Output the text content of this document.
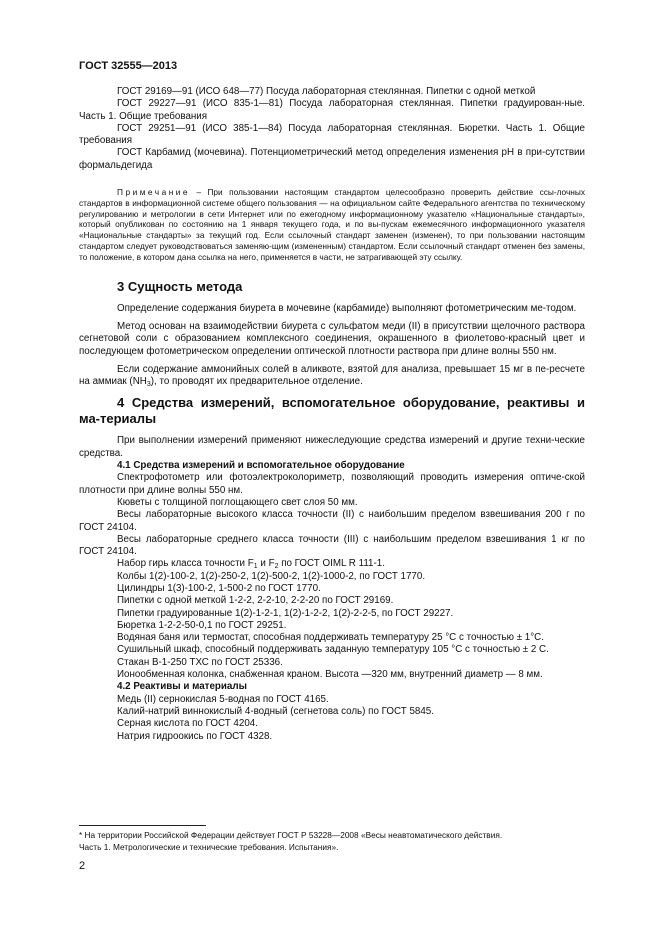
ГОСТ 32555—2013

ГОСТ 29169—91 (ИСО 648—77) Посуда лабораторная стеклянная. Пипетки с одной меткой

ГОСТ 29227—91 (ИСО 835-1—81) Посуда лабораторная стеклянная. Пипетки градуирован-ные. Часть 1. Общие требования

ГОСТ 29251—91 (ИСО 385-1—84) Посуда лабораторная стеклянная. Бюретки. Часть 1. Общие требования

ГОСТ Карбамид (мочевина). Потенциометрический метод определения изменения pH в при-сутствии формальдегида

Примечание – При пользовании настоящим стандартом целесообразно проверить действие ссы-лочных стандартов в информационной системе общего пользования — на официальном сайте Федерального агентства по техническому регулированию и метрологии в сети Интернет или по ежегодному информационному указателю «Национальные стандарты», который опубликован по состоянию на 1 января текущего года, и по вы-пускам ежемесячного информационного указателя «Национальные стандарты» за текущий год. Если ссылочный стандарт заменен (изменен), то при пользовании настоящим стандартом следует руководствоваться заменяю-щим (измененным) стандартом. Если ссылочный стандарт отменен без замены, то положение, в котором дана ссылка на него, применяется в части, не затрагивающей эту ссылку.

3 Сущность метода

Определение содержания биурета в мочевине (карбамиде) выполняют фотометрическим ме-тодом.

Метод основан на взаимодействии биурета с сульфатом меди (II) в присутствии щелочного раствора сегнетовой соли с образованием комплексного соединения, окрашенного в фиолетово-красный цвет и последующем фотометрическом определении оптической плотности раствора при длине волны 550 нм.

Если содержание аммонийных солей в аликвоте, взятой для анализа, превышает 15 мг в пе-ресчете на аммиак $(NH_3)$, то проводят их предварительное отделение.

4 Средства измерений, вспомогательное оборудование, реактивы и ма-териалы

При выполнении измерений применяют нижеследующие средства измерений и другие техни-ческие средства.

4.1 Средства измерений и вспомогательное оборудование

Спектрофотометр или фотоэлектроколориметр, позволяющий проводить измерения оптиче-ской плотности при длине волны 550 нм.

Кюветы с толщиной поглощающего свет слоя 50 мм.

Весы лабораторные высокого класса точности (II) с наибольшим пределом взвешивания 200 г по ГОСТ 24104.

Весы лабораторные среднего класса точности (III) с наибольшим пределом взвешивания 1 кг по ГОСТ 24104.

Набор гирь класса точности $F_1$ и $F_2$ по ГОСТ OIML R 111-1.

Колбы 1(2)-100-2, 1(2)-250-2, 1(2)-500-2, 1(2)-1000-2, по ГОСТ 1770.

Цилиндры 1(3)-100-2, 1-500-2 по ГОСТ 1770.

Пипетки с одной меткой 1-2-2, 2-2-10, 2-2-20 по ГОСТ 29169.

Пипетки градуированные 1(2)-1-2-1, 1(2)-1-2-2, 1(2)-2-2-5, по ГОСТ 29227.

Бюретка 1-2-2-50-0,1 по ГОСТ 29251.

Водяная баня или термостат, способная поддерживать температуру 25 °С с точностью ± 1°С.

Сушильный шкаф, способный поддерживать заданную температуру 105 °С с точностью ± 2 С.

Стакан В-1-250 ТХС по ГОСТ 25336.

Ионообменная колонка, снабженная краном. Высота —320 мм, внутренний диаметр — 8 мм.

4.2 Реактивы и материалы

Медь (II) сернокислая 5-водная по ГОСТ 4165.

Калий-натрий виннокислый 4-водный (сегнетова соль) по ГОСТ 5845.

Серная кислота по ГОСТ 4204.

Натрия гидроокись по ГОСТ 4328.

* На территории Российской Федерации действует ГОСТ Р 53228—2008 «Весы неавтоматического действия.
Часть 1. Метрологические и технические требования. Испытания».
2
